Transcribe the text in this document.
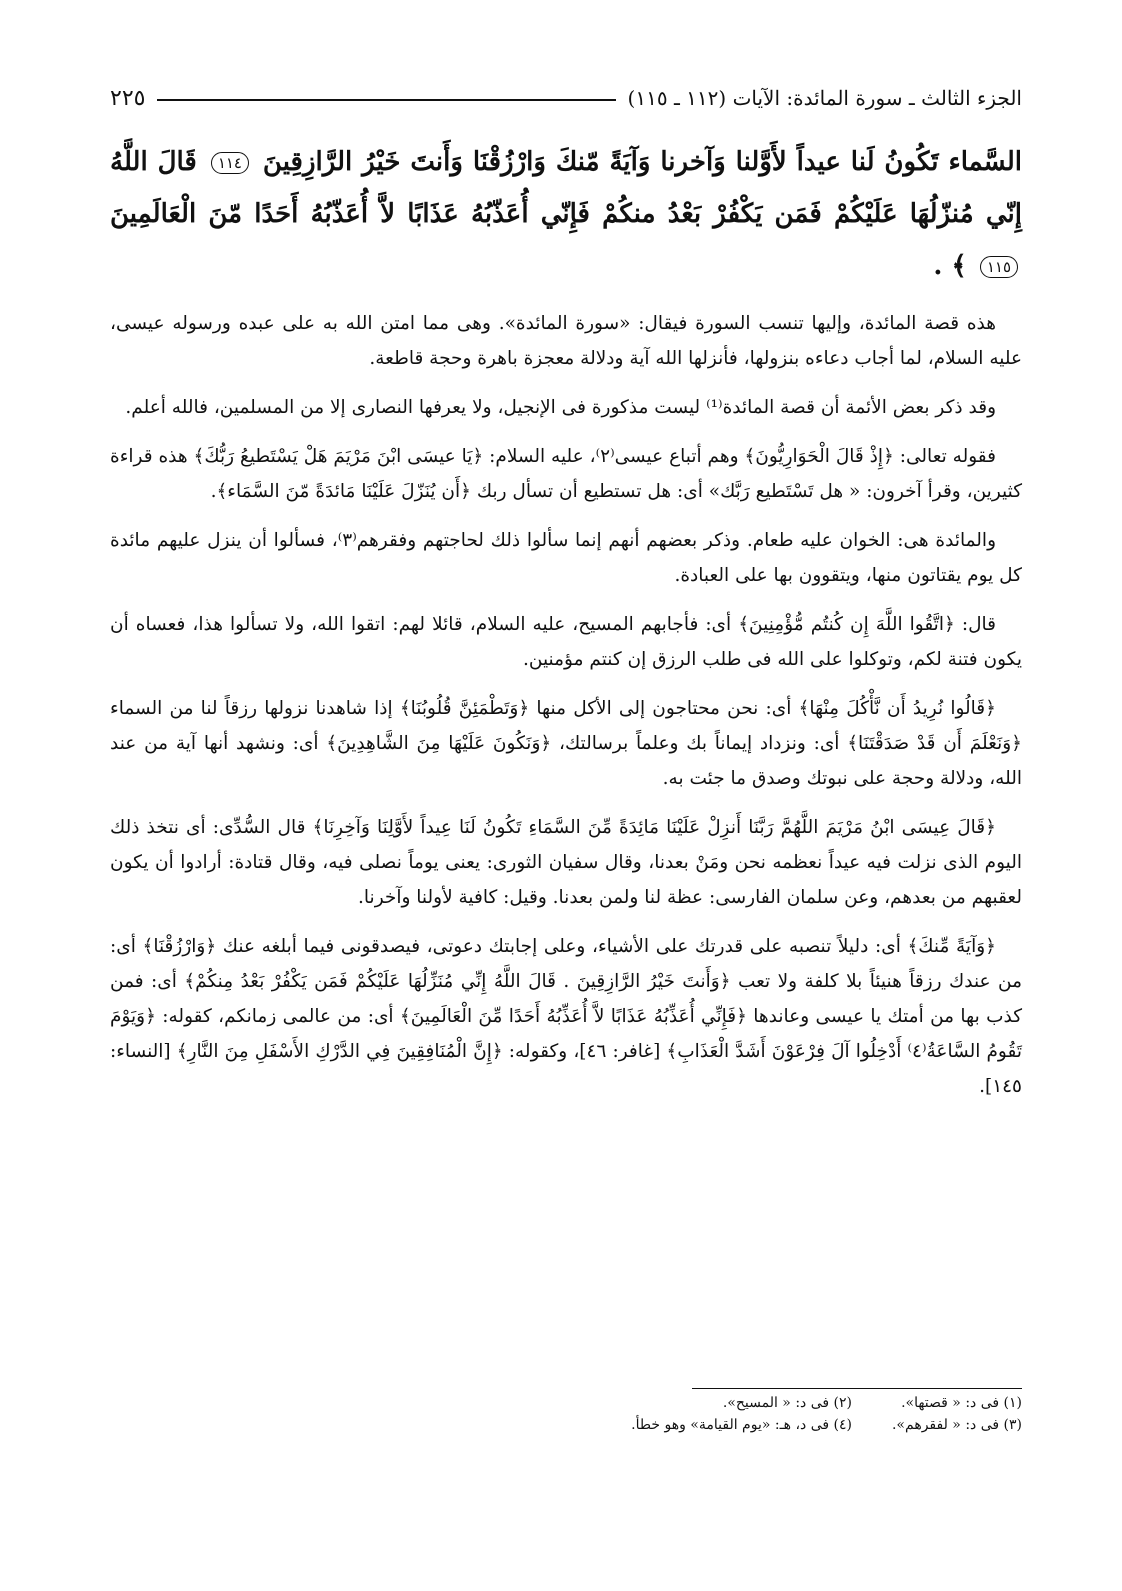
الجزء الثالث ـ سورة المائدة: الآيات (١١٢ ـ ١١٥)
٢٢٥
السَّماء تَكُونُ لَنا عيداً لأَوَّلنا وَآخرنا وَآيَةً مّنكَ وَارْزُقْنَا وَأَنتَ خَيْرُ الرَّازِقِينَ ١١٤ قَالَ اللَّهُ إِنّي مُنزّلُهَا عَلَيْكُمْ فَمَن يَكْفُرْ بَعْدُ منكُمْ فَإِنّي أُعَذّبُهُ عَذَابًا لاَّ أُعَذّبُهُ أَحَدًا مّنَ الْعَالَمِينَ ١١٥ ﴾ .

هذه قصة المائدة، وإليها تنسب السورة فيقال: «سورة المائدة». وهى مما امتن الله به على عبده ورسوله عيسى، عليه السلام، لما أجاب دعاءه بنزولها، فأنزلها الله آية ودلالة معجزة باهرة وحجة قاطعة.

وقد ذكر بعض الأئمة أن قصة المائدة⁽¹⁾ ليست مذكورة فى الإنجيل، ولا يعرفها النصارى إلا من المسلمين، فالله أعلم.

فقوله تعالى: ﴿إِذْ قَالَ الْحَوَارِيُّونَ﴾ وهم أتباع عيسى⁽٢⁾، عليه السلام: ﴿يَا عيسَى ابْنَ مَرْيَمَ هَلْ يَسْتَطيعُ رَبُّكَ﴾ هذه قراءة كثيرين، وقرأ آخرون: « هل تَسْتَطيع رَبَّك» أى: هل تستطيع أن تسأل ربك ﴿أَن يُنَزّلَ عَلَيْنَا مَائدَةً مّنَ السَّمَاء﴾.

والمائدة هى: الخوان عليه طعام. وذكر بعضهم أنهم إنما سألوا ذلك لحاجتهم وفقرهم⁽٣⁾، فسألوا أن ينزل عليهم مائدة كل يوم يقتاتون منها، ويتقوون بها على العبادة.

قال: ﴿اتَّقُوا اللَّهَ إِن كُنتُم مُّؤْمِنِينَ﴾ أى: فأجابهم المسيح، عليه السلام، قائلا لهم: اتقوا الله، ولا تسألوا هذا، فعساه أن يكون فتنة لكم، وتوكلوا على الله فى طلب الرزق إن كنتم مؤمنين.

﴿قَالُوا نُرِيدُ أَن نَّأْكُلَ مِنْهَا﴾ أى: نحن محتاجون إلى الأكل منها ﴿وَتَطْمَئِنَّ قُلُوبُنَا﴾ إذا شاهدنا نزولها رزقاً لنا من السماء ﴿وَنَعْلَمَ أَن قَدْ صَدَقْتَنَا﴾ أى: ونزداد إيماناً بك وعلماً برسالتك، ﴿وَنَكُونَ عَلَيْهَا مِنَ الشَّاهِدِينَ﴾ أى: ونشهد أنها آية من عند الله، ودلالة وحجة على نبوتك وصدق ما جئت به.

﴿قَالَ عِيسَى ابْنُ مَرْيَمَ اللَّهُمَّ رَبَّنَا أَنزِلْ عَلَيْنَا مَائِدَةً مِّنَ السَّمَاءِ تَكُونُ لَنَا عِيداً لأَوَّلِنَا وَآخِرِنَا﴾ قال السُّدِّى: أى نتخذ ذلك اليوم الذى نزلت فيه عيداً نعظمه نحن ومَنْ بعدنا، وقال سفيان الثورى: يعنى يوماً نصلى فيه، وقال قتادة: أرادوا أن يكون لعقبهم من بعدهم، وعن سلمان الفارسى: عظة لنا ولمن بعدنا. وقيل: كافية لأولنا وآخرنا.

﴿وَآيَةً مِّنكَ﴾ أى: دليلاً تنصبه على قدرتك على الأشياء، وعلى إجابتك دعوتى، فيصدقونى فيما أبلغه عنك ﴿وَارْزُقْنَا﴾ أى: من عندك رزقاً هنيئاً بلا كلفة ولا تعب ﴿وَأَنتَ خَيْرُ الرَّازِقِينَ . قَالَ اللَّهُ إِنِّي مُنَزِّلُهَا عَلَيْكُمْ فَمَن يَكْفُرْ بَعْدُ مِنكُمْ﴾ أى: فمن كذب بها من أمتك يا عيسى وعاندها ﴿فَإِنِّي أُعَذِّبُهُ عَذَابًا لاَّ أُعَذِّبُهُ أَحَدًا مِّنَ الْعَالَمِينَ﴾ أى: من عالمى زمانكم، كقوله: ﴿وَيَوْمَ تَقُومُ السَّاعَةُ⁽٤⁾ أَدْخِلُوا آلَ فِرْعَوْنَ أَشَدَّ الْعَذَابِ﴾ [غافر: ٤٦]، وكقوله: ﴿إِنَّ الْمُنَافِقِينَ فِي الدَّرْكِ الأَسْفَلِ مِنَ النَّارِ﴾ [النساء: ١٤٥].

(١) فى د: « قصتها».
(٢) فى د: « المسيح».
(٣) فى د: « لفقرهم».
(٤) فى د، هـ: «يوم القيامة» وهو خطأ.
